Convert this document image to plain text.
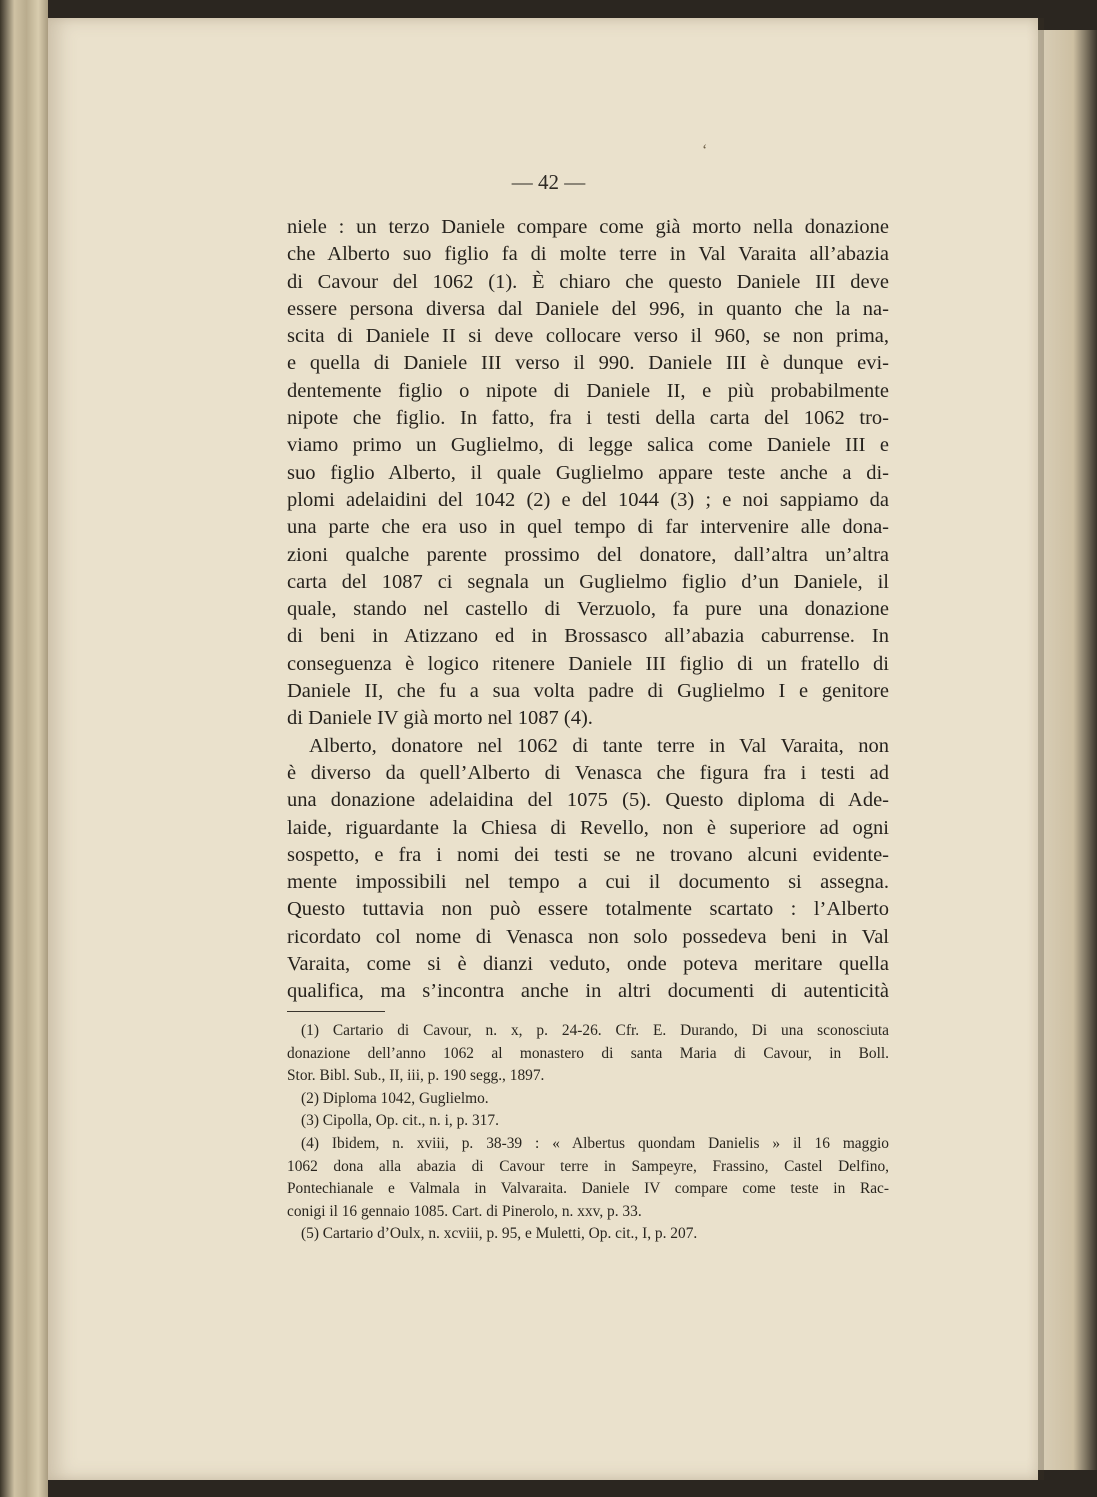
‘
— 42 —
niele : un terzo Daniele compare come già morto nella donazione
che Alberto suo figlio fa di molte terre in Val Varaita all’abazia
di Cavour del 1062 (1). È chiaro che questo Daniele III deve
essere persona diversa dal Daniele del 996, in quanto che la na-
scita di Daniele II si deve collocare verso il 960, se non prima,
e quella di Daniele III verso il 990. Daniele III è dunque evi-
dentemente figlio o nipote di Daniele II, e più probabilmente
nipote che figlio. In fatto, fra i testi della carta del 1062 tro-
viamo primo un Guglielmo, di legge salica come Daniele III e
suo figlio Alberto, il quale Guglielmo appare teste anche a di-
plomi adelaidini del 1042 (2) e del 1044 (3) ; e noi sappiamo da
una parte che era uso in quel tempo di far intervenire alle dona-
zioni qualche parente prossimo del donatore, dall’altra un’altra
carta del 1087 ci segnala un Guglielmo figlio d’un Daniele, il
quale, stando nel castello di Verzuolo, fa pure una donazione
di beni in Atizzano ed in Brossasco all’abazia caburrense. In
conseguenza è logico ritenere Daniele III figlio di un fratello di
Daniele II, che fu a sua volta padre di Guglielmo I e genitore
di Daniele IV già morto nel 1087 (4).
Alberto, donatore nel 1062 di tante terre in Val Varaita, non
è diverso da quell’Alberto di Venasca che figura fra i testi ad
una donazione adelaidina del 1075 (5). Questo diploma di Ade-
laide, riguardante la Chiesa di Revello, non è superiore ad ogni
sospetto, e fra i nomi dei testi se ne trovano alcuni evidente-
mente impossibili nel tempo a cui il documento si assegna.
Questo tuttavia non può essere totalmente scartato : l’Alberto
ricordato col nome di Venasca non solo possedeva beni in Val
Varaita, come si è dianzi veduto, onde poteva meritare quella
qualifica, ma s’incontra anche in altri documenti di autenticità
(1) Cartario di Cavour, n. x, p. 24-26. Cfr. E. Durando, Di una sconosciuta
donazione dell’anno 1062 al monastero di santa Maria di Cavour, in Boll.
Stor. Bibl. Sub., II, iii, p. 190 segg., 1897.
(2) Diploma 1042, Guglielmo.
(3) Cipolla, Op. cit., n. i, p. 317.
(4) Ibidem, n. xviii, p. 38-39 : « Albertus quondam Danielis » il 16 maggio
1062 dona alla abazia di Cavour terre in Sampeyre, Frassino, Castel Delfino,
Pontechianale e Valmala in Valvaraita. Daniele IV compare come teste in Rac-
conigi il 16 gennaio 1085. Cart. di Pinerolo, n. xxv, p. 33.
(5) Cartario d’Oulx, n. xcviii, p. 95, e Muletti, Op. cit., I, p. 207.
